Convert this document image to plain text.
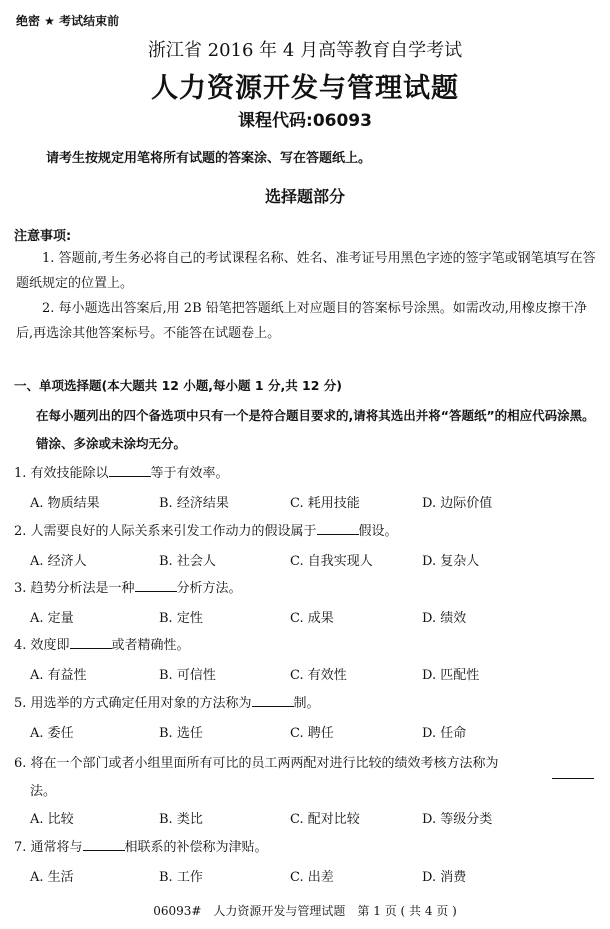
绝密 ★ 考试结束前
浙江省 2016 年 4 月高等教育自学考试
人力资源开发与管理试题
课程代码:06093
请考生按规定用笔将所有试题的答案涂、写在答题纸上。
选择题部分
注意事项:
1. 答题前,考生务必将自己的考试课程名称、姓名、准考证号用黑色字迹的签字笔或钢笔填写在答题纸规定的位置上。
2. 每小题选出答案后,用 2B 铅笔把答题纸上对应题目的答案标号涂黑。如需改动,用橡皮擦干净后,再选涂其他答案标号。不能答在试题卷上。
一、单项选择题(本大题共 12 小题,每小题 1 分,共 12 分)
在每小题列出的四个备选项中只有一个是符合题目要求的,请将其选出并将“答题纸”的相应代码涂黑。错涂、多涂或未涂均无分。
1. 有效技能除以	等于有效率。
A. 物质结果	B. 经济结果	C. 耗用技能	D. 边际价值
2. 人需要良好的人际关系来引发工作动力的假设属于	假设。
A. 经济人	B. 社会人	C. 自我实现人	D. 复杂人
3. 趋势分析法是一种	分析方法。
A. 定量	B. 定性	C. 成果	D. 绩效
4. 效度即	或者精确性。
A. 有益性	B. 可信性	C. 有效性	D. 匹配性
5. 用选举的方式确定任用对象的方法称为	制。
A. 委任	B. 选任	C. 聘任	D. 任命
6. 将在一个部门或者小组里面所有可比的员工两两配对进行比较的绩效考核方法称为
法。
A. 比较	B. 类比	C. 配对比较	D. 等级分类
7. 通常将与	相联系的补偿称为津贴。
A. 生活	B. 工作	C. 出差	D. 消费
06093#　人力资源开发与管理试题　第 1 页 ( 共 4 页 )
